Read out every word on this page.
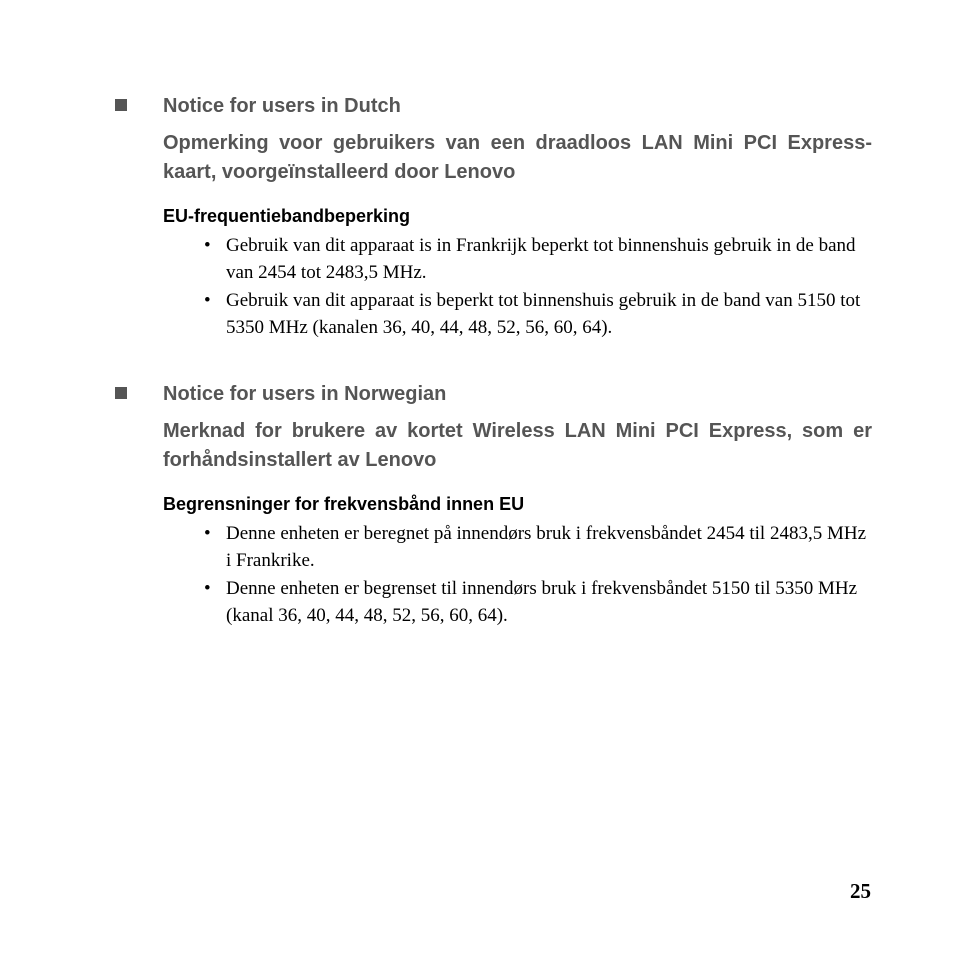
Notice for users in Dutch

Opmerking voor gebruikers van een draadloos LAN Mini PCI Express-kaart, voorgeïnstalleerd door Lenovo

EU-frequentiebandbeperking
• Gebruik van dit apparaat is in Frankrijk beperkt tot binnenshuis gebruik in de band van 2454 tot 2483,5 MHz.
• Gebruik van dit apparaat is beperkt tot binnenshuis gebruik in de band van 5150 tot 5350 MHz (kanalen 36, 40, 44, 48, 52, 56, 60, 64).
Notice for users in Norwegian

Merknad for brukere av kortet Wireless LAN Mini PCI Express, som er forhåndsinstallert av Lenovo

Begrensninger for frekvensbånd innen EU
• Denne enheten er beregnet på innendørs bruk i frekvensbåndet 2454 til 2483,5 MHz i Frankrike.
• Denne enheten er begrenset til innendørs bruk i frekvensbåndet 5150 til 5350 MHz (kanal 36, 40, 44, 48, 52, 56, 60, 64).
25
